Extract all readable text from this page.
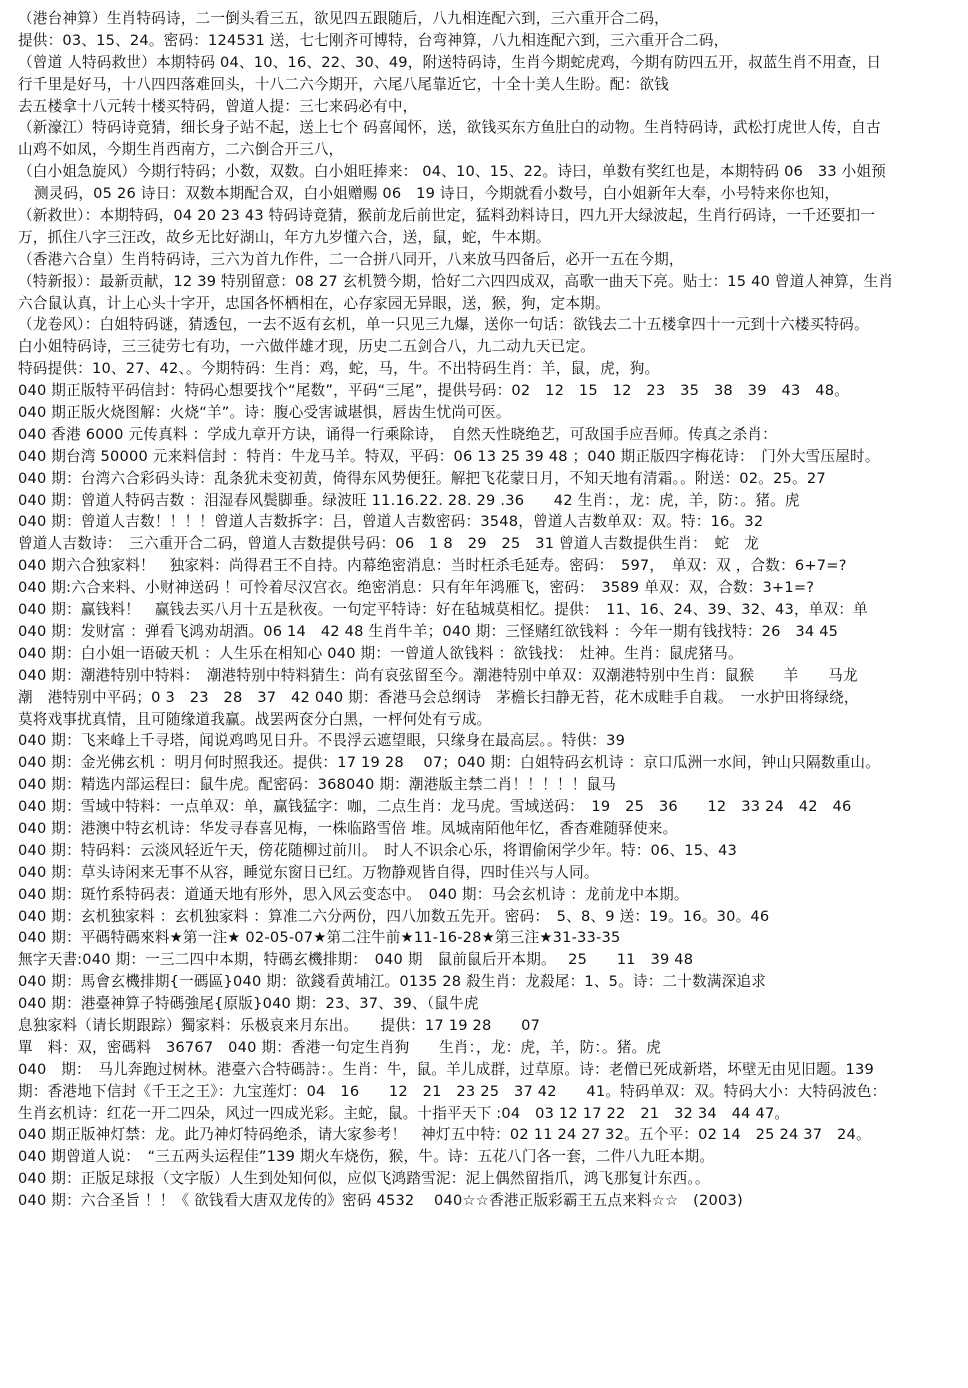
（港台神算）生肖特码诗，二一倒头看三五，欲见四五跟随后，八九相连配六到，三六重开合二码，
提供：03、15、24。密码：124531 送，七七刚齐可博特，台弯神算，八九相连配六到，三六重开合二码，
（曾道 人特码救世）本期特码 04、10、16、22、30、49，附送特码诗，生肖今期蛇虎鸡，今期有防四五开，叔蓝生肖不用查，日
行千里是好马，十八四四落难回头，十八二六今期开，六尾八尾靠近它，十全十美人生盼。配：欲钱
去五楼拿十八元转十楼买特码，曾道人提：三七来码必有中，
（新濠江）特码诗竟猜，细长身子站不起，送上七个 码喜闻怀，送，欲钱买东方鱼肚白的动物。生肖特码诗，武松打虎世人传，自古
山鸡不如凤，今期生肖西南方，二六倒合开三八，
（白小姐急旋风）今期行特码；小数，双数。白小姐旺捧来： 04、10、15、22。诗曰，单数有奖红也是，本期特码 06　33 小姐预
测灵码，05 26 诗日：双数本期配合双，白小姐赠赐 06　19 诗日，今期就看小数号，白小姐新年大奉，小号特来你也知，
（新救世）：本期特码，04 20 23 43 特码诗竟猜，猴前龙后前世定，猛料劲料诗日，四九开大绿波起，生肖行码诗，一千还要扣一
万，抓住八字三汪改，故乡无比好湖山，年方九岁懂六合，送，鼠，蛇，牛本期。
（香港六合皇）生肖特码诗，三六为首九作件，二一合拼八同开，八来放马四备后，必开一五在今期，
（特新报）：最新贡献，12 39 特别留意：08 27 玄机赞今期，恰好二六四四成双，高歌一曲天下亮。贴士：15 40 曾道人神算，生肖
六合鼠认真，计上心头十字开，忠国各怀栖相在，心存家园无异眼，送，猴，狗，定本期。
（龙卷风）：白姐特码谜，猜透包，一去不返有玄机，单一只见三九爆，送你一句话：欲钱去二十五楼拿四十一元到十六楼买特码。
白小姐特码诗，三三徒劳七有功，一六做伴雄才现，历史二五剑合八，九二动九天已定。
特码提供：10、27、42、。今期特码：生肖：鸡，蛇，马，牛。不出特码生肖：羊，鼠，虎，狗。
040 期正版特平码信封：特码心想要找个“尾数”，平码“三尾”，提供号码：02　12　15　12　23　35　38　39　43　48。
040 期正版火烧图解：火烧“羊”。诗：腹心受害诚堪惧，唇齿生忧尚可医。
040 香港 6000 元传真料 ：学成九章开方诀，诵得一行乘除诗，　自然天性晓绝艺，可敌国手应吾师。传真之杀肖：
040 期台湾 50000 元来料信封 ：特肖：牛龙马羊。特双，平码：06 13 25 39 48 ；040 期正版四字梅花诗：　门外大雪压屋时。
040 期：台湾六合彩码头诗：乱条犹未变初黄，倚得东风势便狂。解把飞花蒙日月，不知天地有清霜。。附送：02。25。27
040 期：曾道人特码吉数 ：泪湿春风鬓脚垂。绿波旺 11.16.22. 28. 29 .36　　42 生肖：，龙：虎，羊，防：。猪。虎
040 期：曾道人吉数！！！！曾道人吉数拆字：吕，曾道人吉数密码：3548，曾道人吉数单双：双。特：16。32
曾道人吉数诗：　三六重开合二码，曾道人吉数提供号码：06　1 8　29　25　31 曾道人吉数提供生肖：　蛇　龙
040 期六合独家料！　独家料：尚得君王不自持。内幕绝密消息：当时枉杀毛延寿。密码：　597，　单双：双 ，合数：6+7=?
040 期:六合来料、小财神送码 ！可怜着尽汉宫衣。绝密消息：只有年年鸿雁飞，密码：　3589 单双：双，合数：3+1=?
040 期：赢钱料！　赢钱去买八月十五是秋夜。一句定平特诗：好在毡城莫相忆。提供：　11、16、24、39、32、43，单双：单
040 期：发财富 ：弹看飞鸿劝胡酒。06 14　42 48 生肖牛羊；040 期：三怪赌红欲钱料 ：今年一期有钱找特：26　34 45
040 期：白小姐一语破天机 ：人生乐在相知心 040 期：一曾道人欲钱料 ：欲钱找：　灶神。生肖：鼠虎猪马。
040 期：潮港特别中特料：　潮港特别中特料猜生：尚有哀弦留至今。潮港特别中单双：双潮港特别中生肖：鼠猴　　羊　　马龙
潮　港特别中平码；0 3　23　28　37　42 040 期：香港马会总纲诗　茅檐长扫静无苔，花木成畦手自栽。　一水护田将绿绕，
莫将戏事扰真情，且可随缘道我赢。战罢两奁分白黑，一枰何处有亏成。
040 期：飞来峰上千寻塔，闻说鸡鸣见日升。不畏浮云遮望眼，只缘身在最高层。。特供：39
040 期：金光佛玄机 ：明月何时照我还。提供：17 19 28　 07；040 期：白姐特码玄机诗 ：京口瓜洲一水间，钟山只隔数重山。
040 期：精选内部运程曰：鼠牛虎。配密码：368040 期：潮港版主禁二肖！！！！！鼠马
040 期：雪域中特料：一点单双：单，赢钱猛字：咖，二点生肖：龙马虎。雪域送码：　19　25　36　　12　33 24　42　46
040 期：港澳中特玄机诗：华发寻春喜见梅，一株临路雪倍 堆。凤城南陌他年忆，香杳难随驿使来。
040 期：特码料：云淡风轻近午天，傍花随柳过前川。　时人不识余心乐，将谓偷闲学少年。特：06、15、43
040 期：草头诗闲来无事不从容，睡觉东窗日已红。万物静观皆自得，四时佳兴与人同。
040 期：斑竹系特码表：道通天地有形外，思入风云变态中。　040 期：马会玄机诗 ：龙前龙中本期。
040 期：玄机独家料 ：玄机独家料 ：算准二六分两份，四八加数五先开。密码：　5、8、9 送：19。16。30。46
040 期：平碼特碼來料★第一注★ 02-05-07★第二注牛前★11-16-28★第三注★31-33-35
無字天書:040 期：一三二四中本期，特碼玄機排期：　040 期　鼠前鼠后开本期。　 25　　11　39 48
040 期：馬會玄機排期{一碼區}040 期：欲錢看黄埔江。0135 28 殺生肖：龙殺尾：1、5。诗：二十数满深追求
040 期：港臺神算子特碼強尾{原版}040 期：23、37、39、（鼠牛虎
息独家料（请长期跟踪）獨家料：乐极哀来月东出。　　提供：17 19 28　　07
單　料：双，密碼料　36767　040 期：香港一句定生肖狗　　生肖：，龙：虎，羊，防：。猪。虎
040　期：　马儿奔跑过树林。港臺六合特碼詩：。生肖：牛，鼠。羊儿成群，过草原。诗：老僧已死成新塔，坏壁无由见旧题。139
期：香港地下信封《千王之王》：九宝莲灯：04　16　　12　21　23 25　37 42　　41。特码单双：双。特码大小：大特码波色：
生肖玄机诗：红花一开二四朵，风过一四成光彩。主蛇，鼠。十指平天下 :04　03 12 17 22　21　32 34　44 47。
040 期正版神灯禁：龙。此乃神灯特码绝杀，请大家参考！　神灯五中特：02 11 24 27 32。五个平：02 14　25 24 37　24。
040 期曾道人说：　“三五两头运程佳”139 期火车烧伤，猴，牛。诗：五花八门各一套，二件八九旺本期。
040 期：正版足球报（文字版）人生到处知何似，应似飞鸿踏雪泥：泥上偶然留指爪，鸿飞那复计东西。。
040 期：六合圣旨 ！！《 欲钱看大唐双龙传的》密码 4532　 040☆☆香港正版彩霸王五点来料☆☆　(2003)
